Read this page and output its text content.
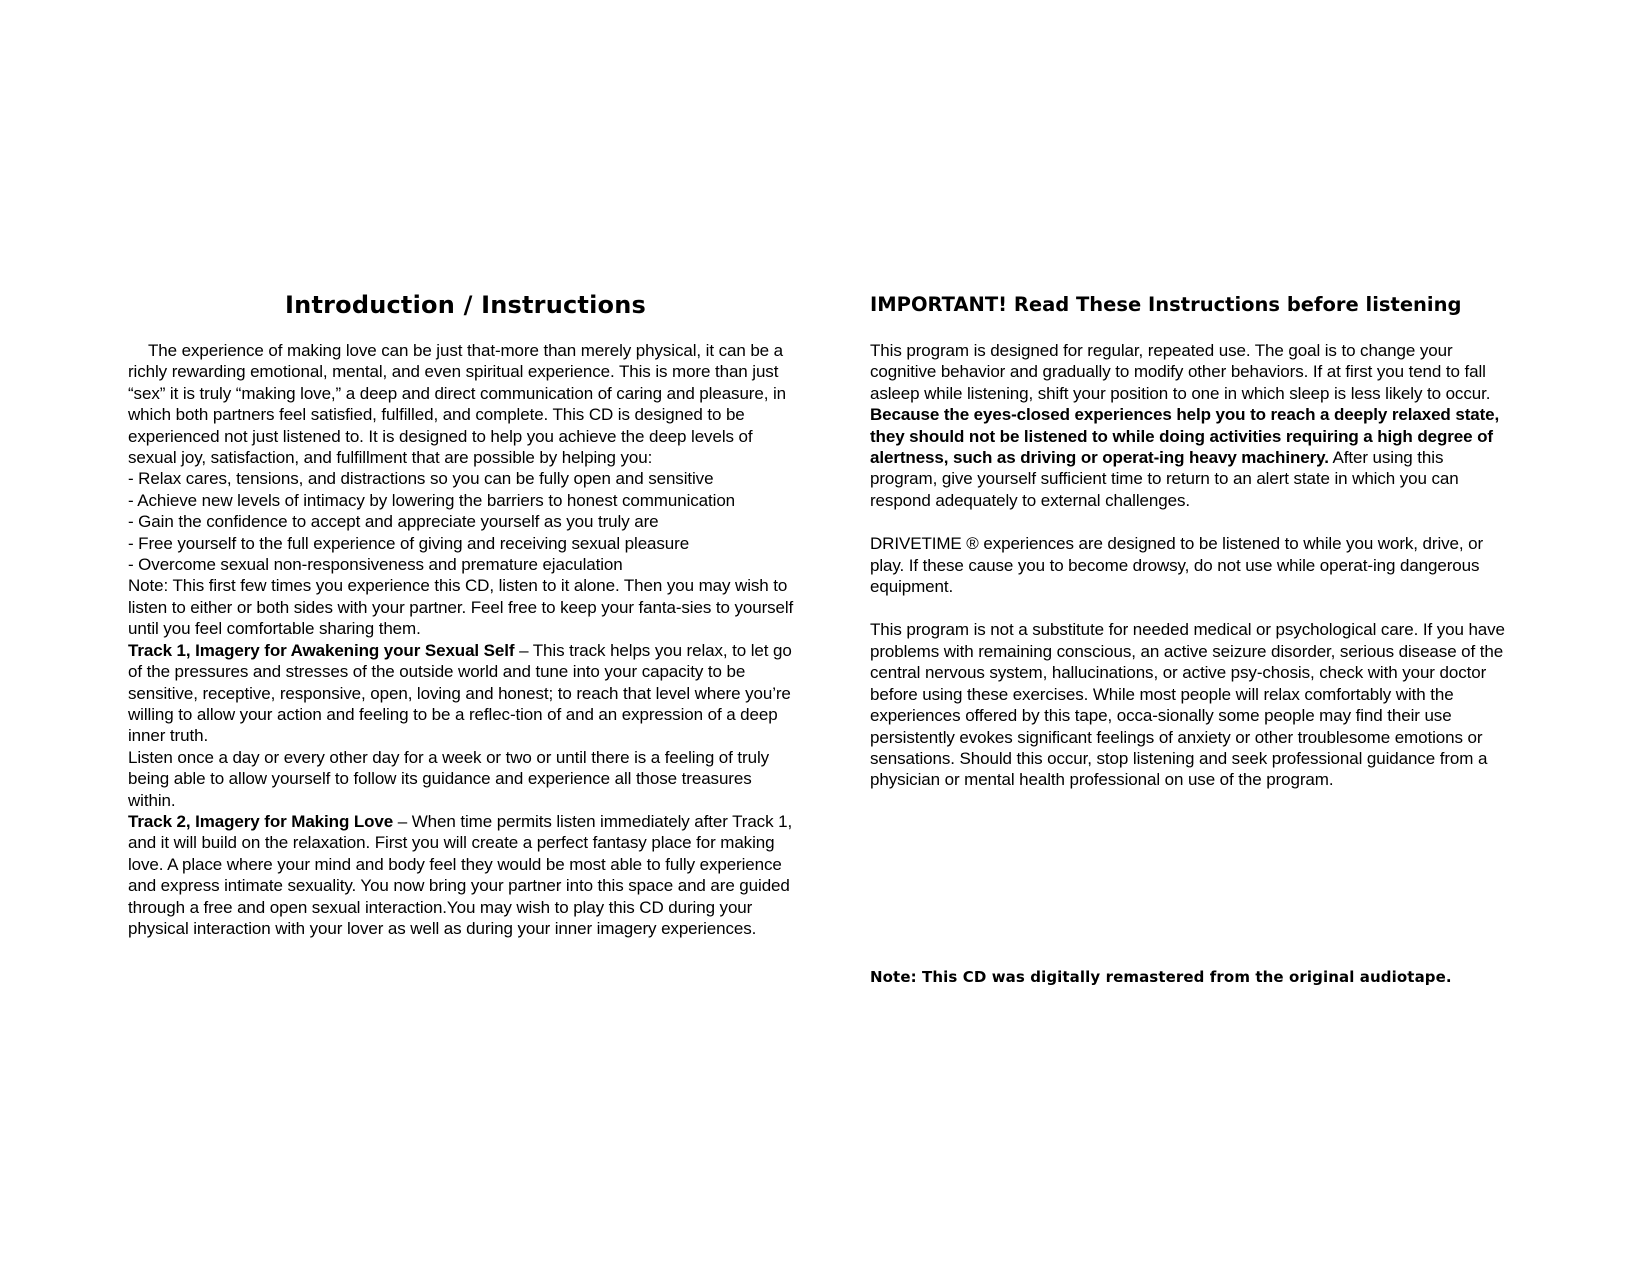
Introduction / Instructions

The experience of making love can be just that-more than merely physical, it can be a richly rewarding emotional, mental, and even spiritual experience. This is more than just “sex” it is truly “making love,” a deep and direct communication of caring and pleasure, in which both partners feel satisfied, fulfilled, and complete. This CD is designed to be experienced not just listened to. It is designed to help you achieve the deep levels of sexual joy, satisfaction, and fulfillment that are possible by helping you:

- Relax cares, tensions, and distractions so you can be fully open and sensitive

- Achieve new levels of intimacy by lowering the barriers to honest communication

- Gain the confidence to accept and appreciate yourself as you truly are

- Free yourself to the full experience of giving and receiving sexual pleasure

- Overcome sexual non-responsiveness and premature ejaculation

Note: This first few times you experience this CD, listen to it alone. Then you may wish to listen to either or both sides with your partner. Feel free to keep your fanta-sies to yourself until you feel comfortable sharing them.

Track 1, Imagery for Awakening your Sexual Self – This track helps you relax, to let go of the pressures and stresses of the outside world and tune into your capacity to be sensitive, receptive, responsive, open, loving and honest; to reach that level where you’re willing to allow your action and feeling to be a reflec-tion of and an expression of a deep inner truth.

Listen once a day or every other day for a week or two or until there is a feeling of truly being able to allow yourself to follow its guidance and experience all those treasures within.

Track 2, Imagery for Making Love – When time permits listen immediately after Track 1, and it will build on the relaxation. First you will create a perfect fantasy place for making love. A place where your mind and body feel they would be most able to fully experience and express intimate sexuality. You now bring your partner into this space and are guided through a free and open sexual interaction.You may wish to play this CD during your physical interaction with your lover as well as during your inner imagery experiences.

IMPORTANT! Read These Instructions before listening

This program is designed for regular, repeated use. The goal is to change your cognitive behavior and gradually to modify other behaviors. If at first you tend to fall asleep while listening, shift your position to one in which sleep is less likely to occur. Because the eyes-closed experiences help you to reach a deeply relaxed state, they should not be listened to while doing activities requiring a high degree of alertness, such as driving or operat-ing heavy machinery. After using this program, give yourself sufficient time to return to an alert state in which you can respond adequately to external challenges.

DRIVETIME ® experiences are designed to be listened to while you work, drive, or play. If these cause you to become drowsy, do not use while operat-ing dangerous equipment.

This program is not a substitute for needed medical or psychological care. If you have problems with remaining conscious, an active seizure disorder, serious disease of the central nervous system, hallucinations, or active psy-chosis, check with your doctor before using these exercises. While most people will relax comfortably with the experiences offered by this tape, occa-sionally some people may find their use persistently evokes significant feelings of anxiety or other troublesome emotions or sensations. Should this occur, stop listening and seek professional guidance from a physician or mental health professional on use of the program.

Note: This CD was digitally remastered from the original audiotape.
